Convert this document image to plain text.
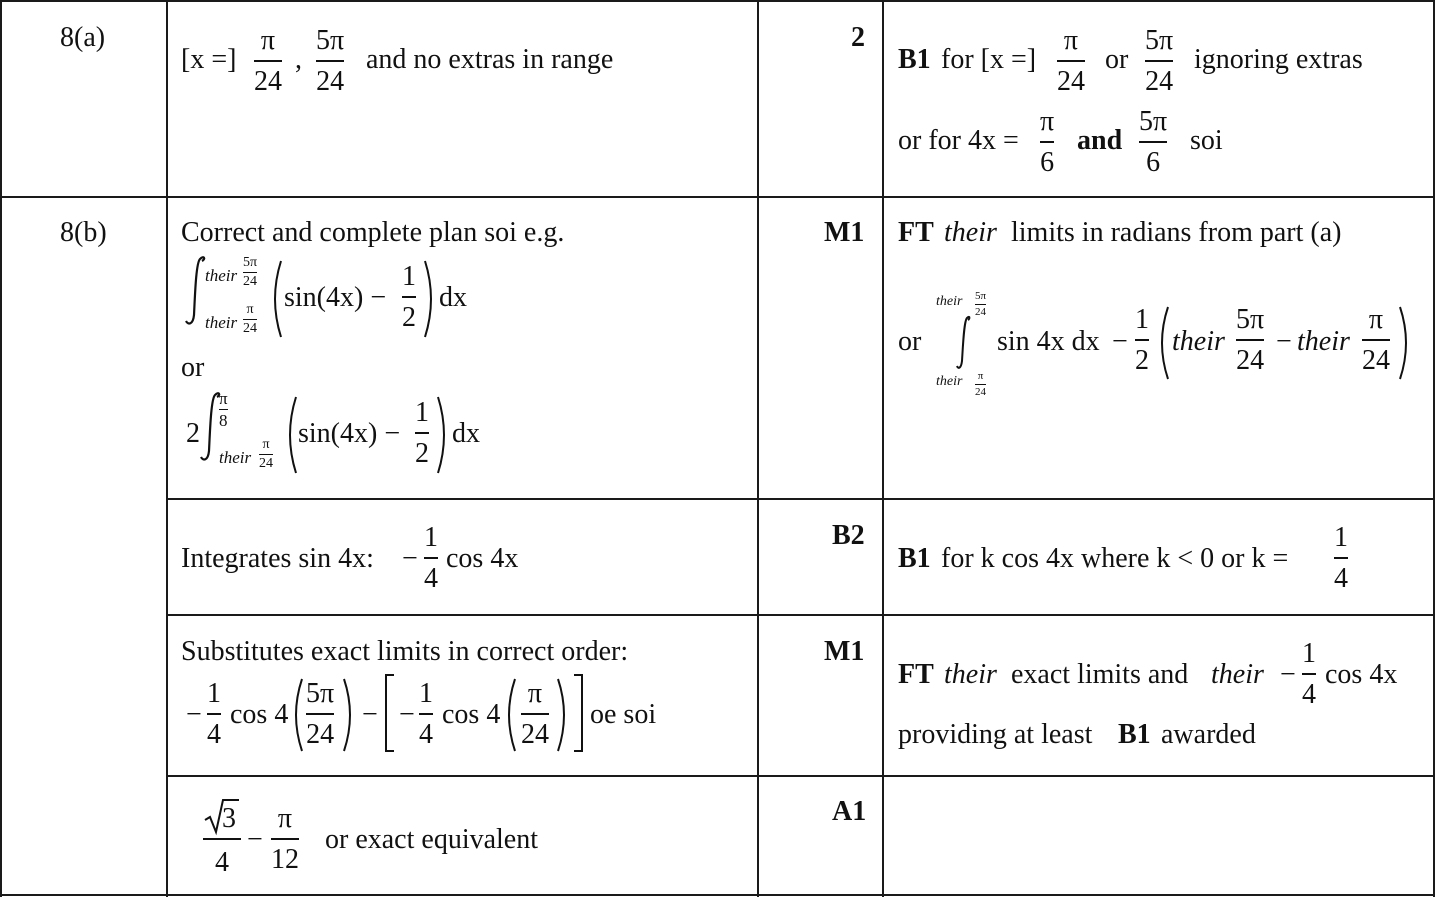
8(a)
[x =]
π
24
,
5π
24
and no extras in range
2
B1 for [x =]
π
24
or
5π
24
ignoring extras
or for 4x =
π
6
and
5π
6
soi
8(b)	Correct and complete plan soi e.g.
their
5π
24
their
π
24
sin(4x) −
1
2
dx
or
2
π
8
their
π
24
sin(4x) −
1
2
dx
M1 FT their limits in radians from part (a)
or
their 5π
24
their π
24
sin 4x dx −
1
2
their
5π
24
− their
π
24
Integrates sin 4x: −
1
4
cos 4x
B2
B1 for k cos 4x where k < 0 or k =
1
4
Substitutes exact limits in correct order:
−
1
4
cos 4
5π
24
− −
1
4
cos 4
π
24
oe soi
M1
FT their exact limits and their −
1
4
cos 4x
providing at least B1 awarded
3
4
−
π
12
or exact equivalent
A1
